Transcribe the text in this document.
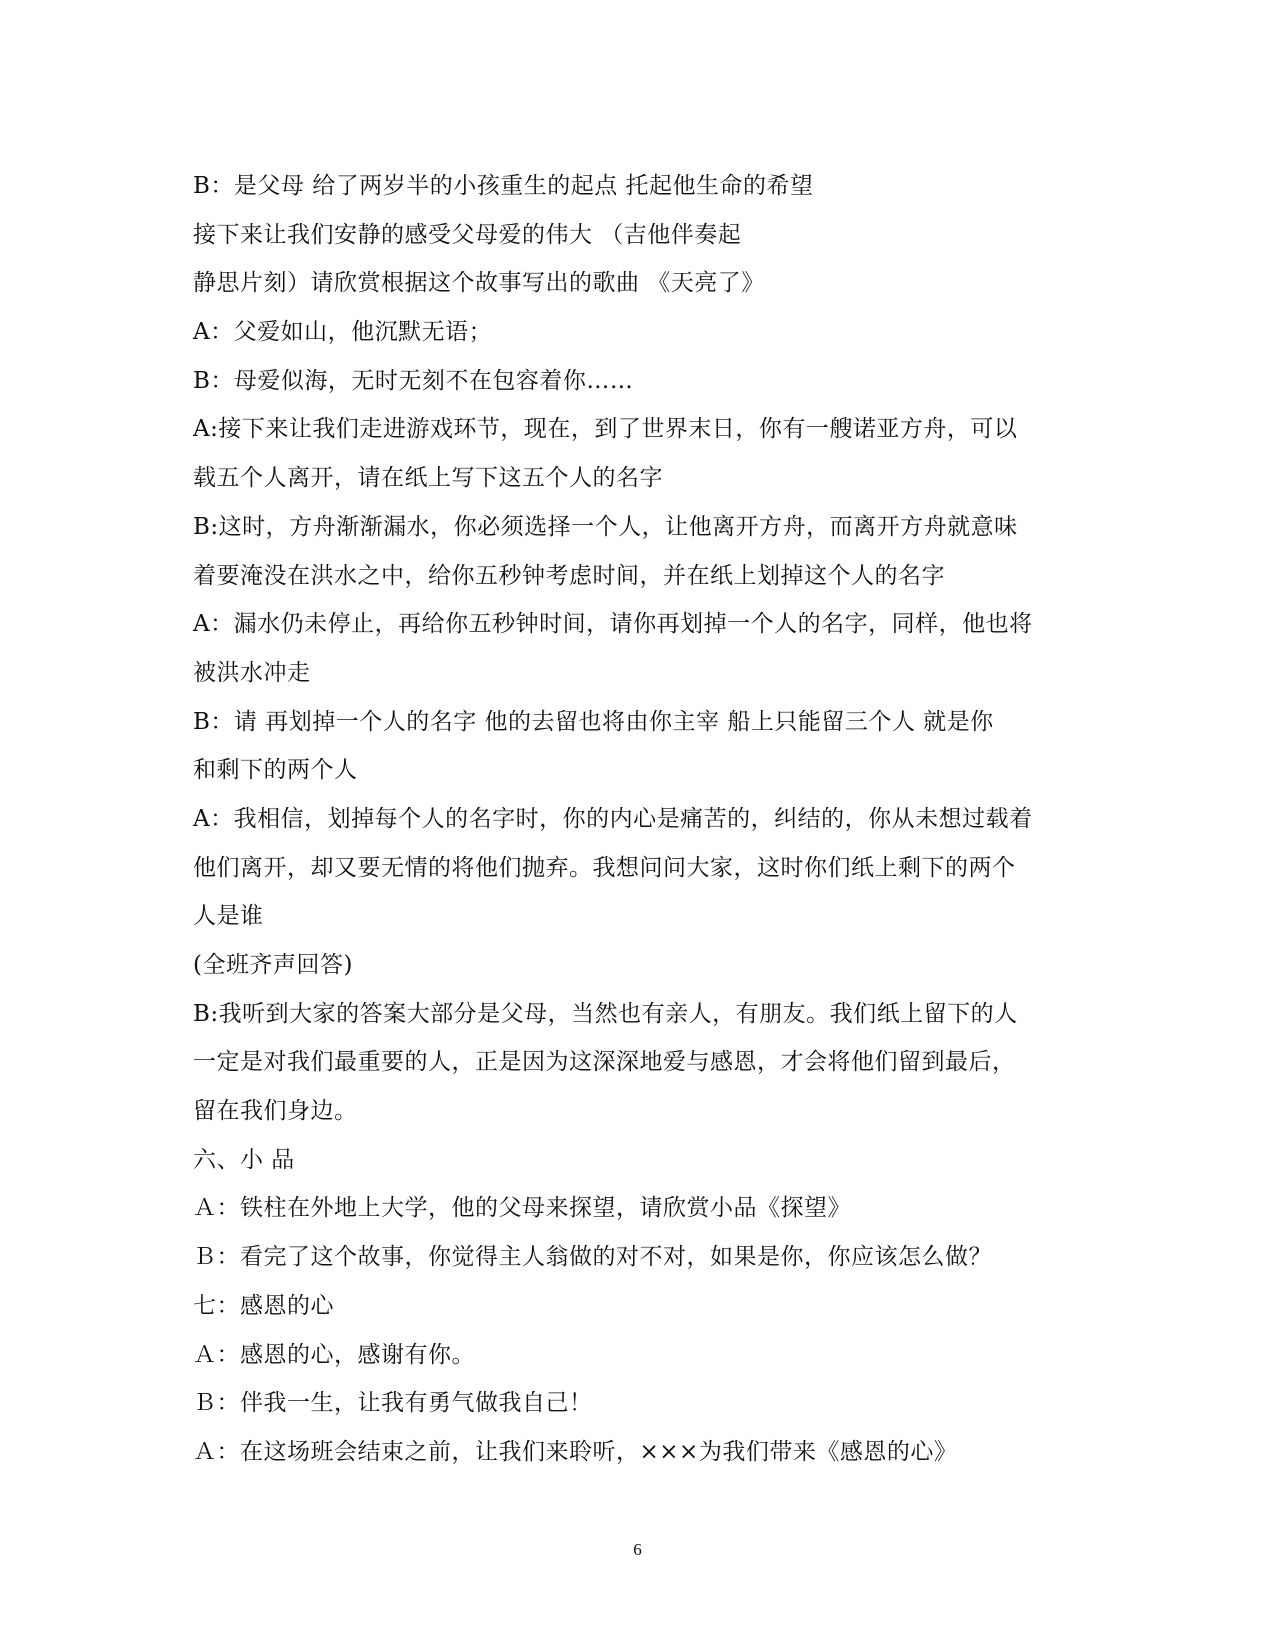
B：是父母 给了两岁半的小孩重生的起点 托起他生命的希望
接下来让我们安静的感受父母爱的伟大 （吉他伴奏起
静思片刻）请欣赏根据这个故事写出的歌曲 《天亮了》
A：父爱如山，他沉默无语；
B：母爱似海，无时无刻不在包容着你……
A:接下来让我们走进游戏环节，现在，到了世界末日，你有一艘诺亚方舟，可以
载五个人离开，请在纸上写下这五个人的名字
B:这时，方舟渐渐漏水，你必须选择一个人，让他离开方舟，而离开方舟就意味
着要淹没在洪水之中，给你五秒钟考虑时间，并在纸上划掉这个人的名字
A：漏水仍未停止，再给你五秒钟时间，请你再划掉一个人的名字，同样，他也将
被洪水冲走
B：请 再划掉一个人的名字 他的去留也将由你主宰 船上只能留三个人 就是你
和剩下的两个人
A：我相信，划掉每个人的名字时，你的内心是痛苦的，纠结的，你从未想过载着
他们离开，却又要无情的将他们抛弃。我想问问大家，这时你们纸上剩下的两个
人是谁
(全班齐声回答)
B:我听到大家的答案大部分是父母，当然也有亲人，有朋友。我们纸上留下的人
一定是对我们最重要的人，正是因为这深深地爱与感恩，才会将他们留到最后，
留在我们身边。
六、小 品
Ａ：铁柱在外地上大学，他的父母来探望，请欣赏小品《探望》
Ｂ：看完了这个故事，你觉得主人翁做的对不对，如果是你，你应该怎么做？
七：感恩的心
Ａ：感恩的心，感谢有你。
Ｂ：伴我一生，让我有勇气做我自己！
Ａ：在这场班会结束之前，让我们来聆听，×××为我们带来《感恩的心》
6
